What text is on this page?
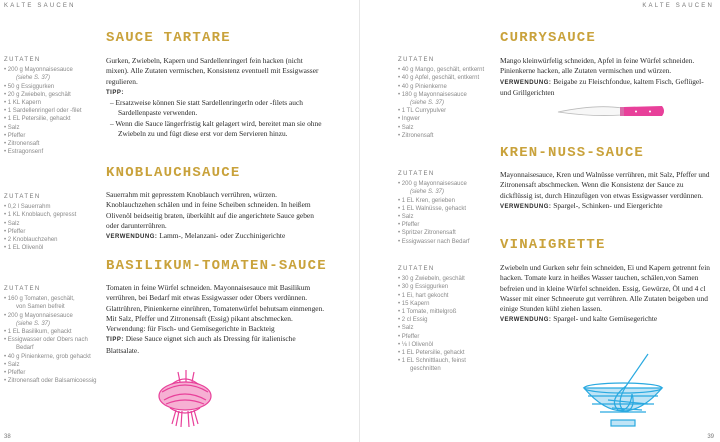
KALTE SAUCEN
ZUTATEN
• 200 g Mayonnaisesauce
(siehe S. 37)
• 50 g Essiggurken
• 20 g Zwiebeln, geschält
• 1 KL Kapern
• 1 Sardellenringerl oder -filet
• 1 EL Petersilie, gehackt
• Salz
• Pfeffer
• Zitronensaft
• Estragonsenf
ZUTATEN
• 0,2 l Sauerrahm
• 1 KL Knoblauch, gepresst
• Salz
• Pfeffer
• 2 Knoblauchzehen
• 1 EL Olivenöl
ZUTATEN
• 160 g Tomaten, geschält,
von Samen befreit
• 200 g Mayonnaisesauce
(siehe S. 37)
• 1 EL Basilikum, gehackt
• Essigwasser oder Obers nach
Bedarf
• 40 g Pinienkerne, grob gehackt
• Salz
• Pfeffer
• Zitronensaft oder Balsamicoessig
SAUCE TARTARE

Gurken, Zwiebeln, Kapern und Sardellenringerl fein hacken (nicht mixen). Alle Zutaten vermischen, Konsistenz eventuell mit Essigwasser regulieren.

TIPP:

– Ersatzweise können Sie statt Sardellenringerln oder -filets auch Sardellenpaste verwenden.

– Wenn die Sauce längerfristig kalt gelagert wird, bereitet man sie ohne Zwiebeln zu und fügt diese erst vor dem Servieren hinzu.

KNOBLAUCHSAUCE

Sauerrahm mit gepresstem Knoblauch verrühren, würzen. Knoblauchzehen schälen und in feine Scheiben schneiden. In heißem Olivenöl beidseitig braten, überkühlt auf die angerichtete Sauce geben oder darunterrühren.

VERWENDUNG: Lamm-, Melanzani- oder Zucchinigerichte

BASILIKUM-TOMATEN-SAUCE

Tomaten in feine Würfel schneiden. Mayonnaisesauce mit Basilikum verrühren, bei Bedarf mit etwas Essigwasser oder Obers verdünnen. Glattrühren, Pinienkerne einrühren, Tomatenwürfel behutsam einmengen. Mit Salz, Pfeffer und Zitronensaft (Essig) pikant abschmecken.

Verwendung: für Fisch- und Gemüsegerichte in Backteig

TIPP: Diese Sauce eignet sich auch als Dressing für italienische Blattsalate.

38
KALTE SAUCEN
ZUTATEN
• 40 g Mango, geschält, entkernt
• 40 g Apfel, geschält, entkernt
• 40 g Pinienkerne
• 180 g Mayonnaisesauce
(siehe S. 37)
• 1 TL Currypulver
• Ingwer
• Salz
• Zitronensaft
ZUTATEN
• 200 g Mayonnaisesauce
(siehe S. 37)
• 1 EL Kren, gerieben
• 1 EL Walnüsse, gehackt
• Salz
• Pfeffer
• Spritzer Zitronensaft
• Essigwasser nach Bedarf
ZUTATEN
• 30 g Zwiebeln, geschält
• 30 g Essiggurken
• 1 Ei, hart gekocht
• 15 Kapern
• 1 Tomate, mittelgroß
• 2 cl Essig
• Salz
• Pfeffer
• ⅛ l Olivenöl
• 1 EL Petersilie, gehackt
• 1 EL Schnittlauch, feinst
geschnitten
CURRYSAUCE

Mango kleinwürfelig schneiden, Apfel in feine Würfel schneiden. Pinienkerne hacken, alle Zutaten vermischen und würzen.

VERWENDUNG: Beigabe zu Fleischfondue, kaltem Fisch, Geflügel- und Grillgerichten

KREN-NUSS-SAUCE

Mayonnaisesauce, Kren und Walnüsse verrühren, mit Salz, Pfeffer und Zitronensaft abschmecken. Wenn die Konsistenz der Sauce zu dickflüssig ist, durch Hinzufügen von etwas Essigwasser verdünnen.

VERWENDUNG: Spargel-, Schinken- und Eiergerichte

VINAIGRETTE

Zwiebeln und Gurken sehr fein schneiden, Ei und Kapern getrennt fein hacken. Tomate kurz in heißes Wasser tauchen, schälen,von Samen befreien und in kleine Würfel schneiden. Essig, Gewürze, Öl und 4 cl Wasser mit einer Schneerute gut verrühren. Alle Zutaten beigeben und einige Stunden kühl ziehen lassen.

VERWENDUNG: Spargel- und kalte Gemüsegerichte

39
